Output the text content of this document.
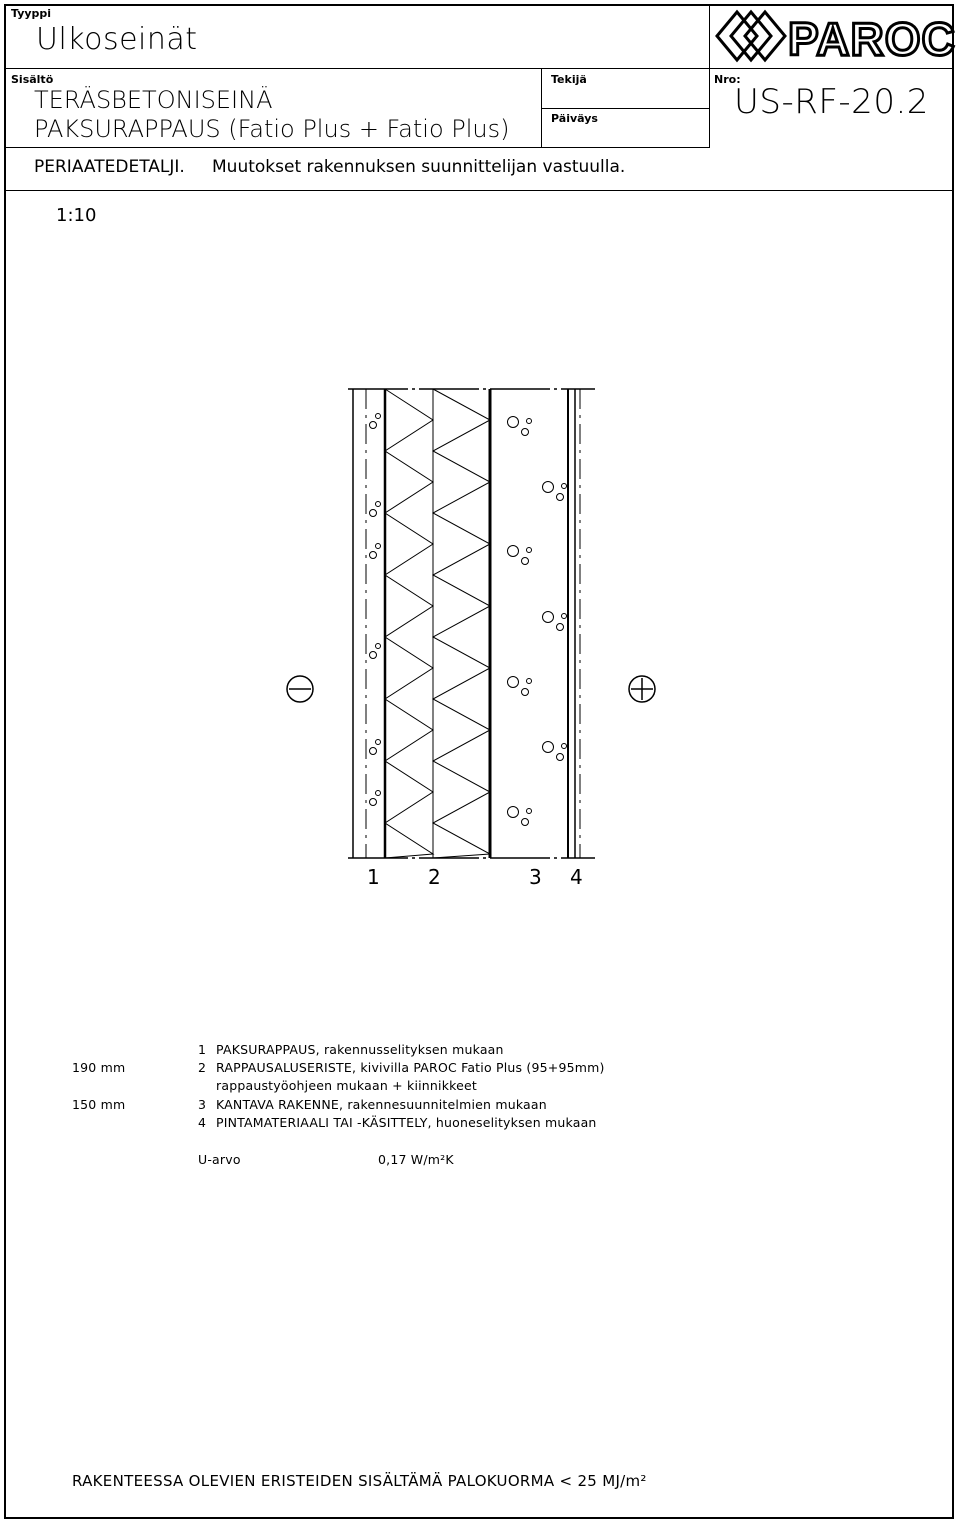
Tyyppi
Ulkoseinät
Sisältö
TERÄSBETONISEINÄ
PAKSURAPPAUS (Fatio Plus + Fatio Plus)
Tekijä
Päiväys
Nro:
US-RF-20.2
PERIAATEDETALJI. Muutokset rakennuksen suunnittelijan vastuulla.
1:10
PAROC
1 2	3 4
1 PAKSURAPPAUS, rakennusselityksen mukaan
190 mm	2 RAPPAUSALUSERISTE, kivivilla PAROC Fatio Plus (95+95mm)
rappaustyöohjeen mukaan + kiinnikkeet
150 mm	3 KANTAVA RAKENNE, rakennesuunnitelmien mukaan
4 PINTAMATERIAALI TAI -KÄSITTELY, huoneselityksen mukaan
U-arvo	0,17 W/m²K
RAKENTEESSA OLEVIEN ERISTEIDEN SISÄLTÄMÄ PALOKUORMA < 25 MJ/m²
